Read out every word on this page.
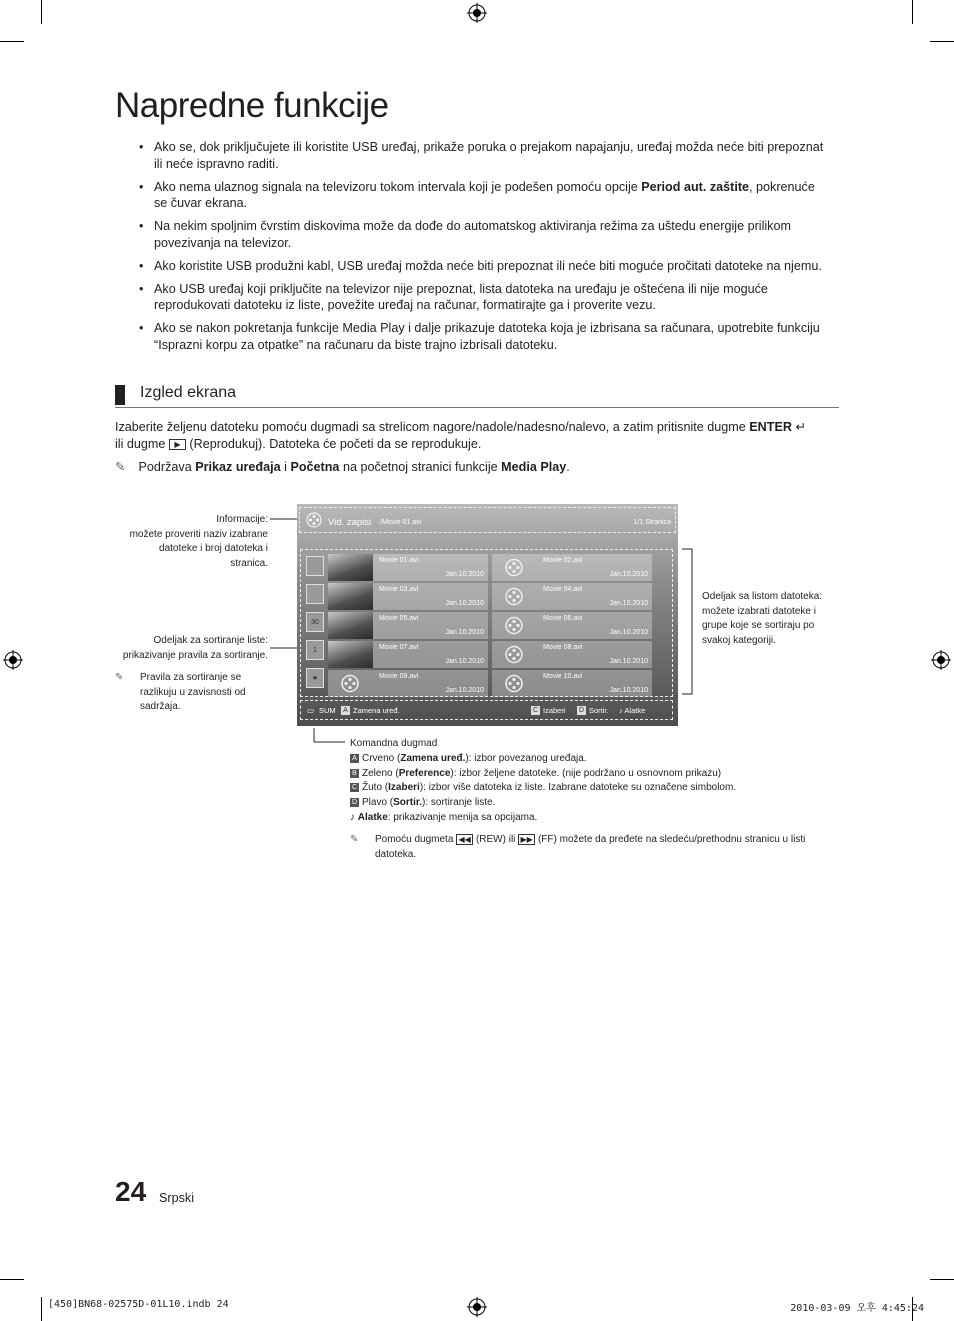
Napredne funkcije
• Ako se, dok priključujete ili koristite USB uređaj, prikaže poruka o prejakom napajanju, uređaj možda neće biti prepoznat ili neće ispravno raditi.
• Ako nema ulaznog signala na televizoru tokom intervala koji je podešen pomoću opcije Period aut. zaštite, pokrenuće se čuvar ekrana.
• Na nekim spoljnim čvrstim diskovima može da dođe do automatskog aktiviranja režima za uštedu energije prilikom povezivanja na televizor.
• Ako koristite USB produžni kabl, USB uređaj možda neće biti prepoznat ili neće biti moguće pročitati datoteke na njemu.
• Ako USB uređaj koji priključite na televizor nije prepoznat, lista datoteka na uređaju je oštećena ili nije moguće reprodukovati datoteku iz liste, povežite uređaj na računar, formatirajte ga i proverite vezu.
• Ako se nakon pokretanja funkcije Media Play i dalje prikazuje datoteka koja je izbrisana sa računara, upotrebite funkciju “Isprazni korpu za otpatke” na računaru da biste trajno izbrisali datoteku.
Izgled ekrana
Izaberite željenu datoteku pomoću dugmadi sa strelicom nagore/nadole/nadesno/nalevo, a zatim pritisnite dugme ENTER ↵
ili dugme ▶ (Reprodukuj). Datoteka će početi da se reprodukuje.
✎ Podržava Prikaz uređaja i Početna na početnoj stranici funkcije Media Play.
Informacije:
možete proveriti naziv izabrane
datoteke i broj datoteka i
stranica.
Odeljak za sortiranje liste:
prikazivanje pravila za sortiranje.
✎ Pravila za sortiranje se
razlikuju u zavisnosti od
sadržaja.
Odeljak sa listom datoteka:
možete izabrati datoteke i
grupe koje se sortiraju po
svakoj kategoriji.
Vid. zapisi /Movie 01.avi	1/1 Stranica
30
1
★
Movie 01.avi
Jan.10.2010
Movie 02.avi
Jan.10.2010
Movie 03.avi
Jan.10.2010
Movie 04.avi
Jan.10.2010
Movie 05.avi
Jan.10.2010
Movie 06.avi
Jan.10.2010
Movie 07.avi
Jan.10.2010
Movie 08.avi
Jan.10.2010
Movie 09.avi
Jan.10.2010
Movie 10.avi
Jan.10.2010
▭ SUM	A Zamena uređ.	C Izaberi D Sortir. ♪ Alatke
Komandna dugmad
A Crveno (Zamena uređ.): izbor povezanog uređaja.
B Zeleno (Preference): izbor željene datoteke. (nije podržano u osnovnom prikazu)
C Žuto (Izaberi): izbor više datoteka iz liste. Izabrane datoteke su označene simbolom.
D Plavo (Sortir.): sortiranje liste.
♪ Alatke: prikazivanje menija sa opcijama.
✎ Pomoću dugmeta ◀◀ (REW) ili ▶▶ (FF) možete da pređete na sledeću/prethodnu stranicu u listi
datoteka.
24 Srpski
[450]BN68-02575D-01L10.indb 24	2010-03-09 오후 4:45:24
